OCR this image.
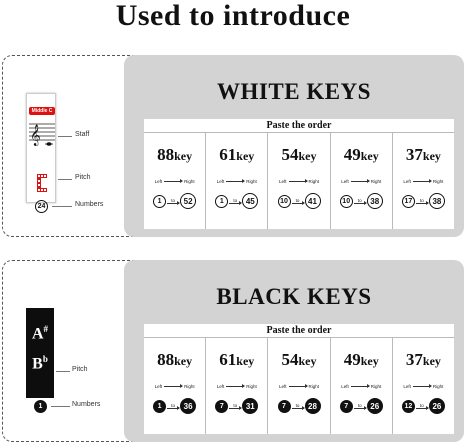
Used to introduce
Middle C
𝄞	Staff
Pitch
24	Numbers
WHITE KEYS
Paste the order
88key
Left	Right
1	to	52
61key
Left	Right
1	to	45
54key
Left	Right
10	to	41
49key
Left	Right
10	to	38
37key
Left	Right
17	to	38
A#
$B^b$
Pitch
1	Numbers
BLACK KEYS
Paste the order
88key
Left	Right
1	to	36
61key
Left	Right
7	to	31
54key
Left	Right
7	to	28
49key
Left	Right
7	to	26
37key
Left	Right
12	to	26
